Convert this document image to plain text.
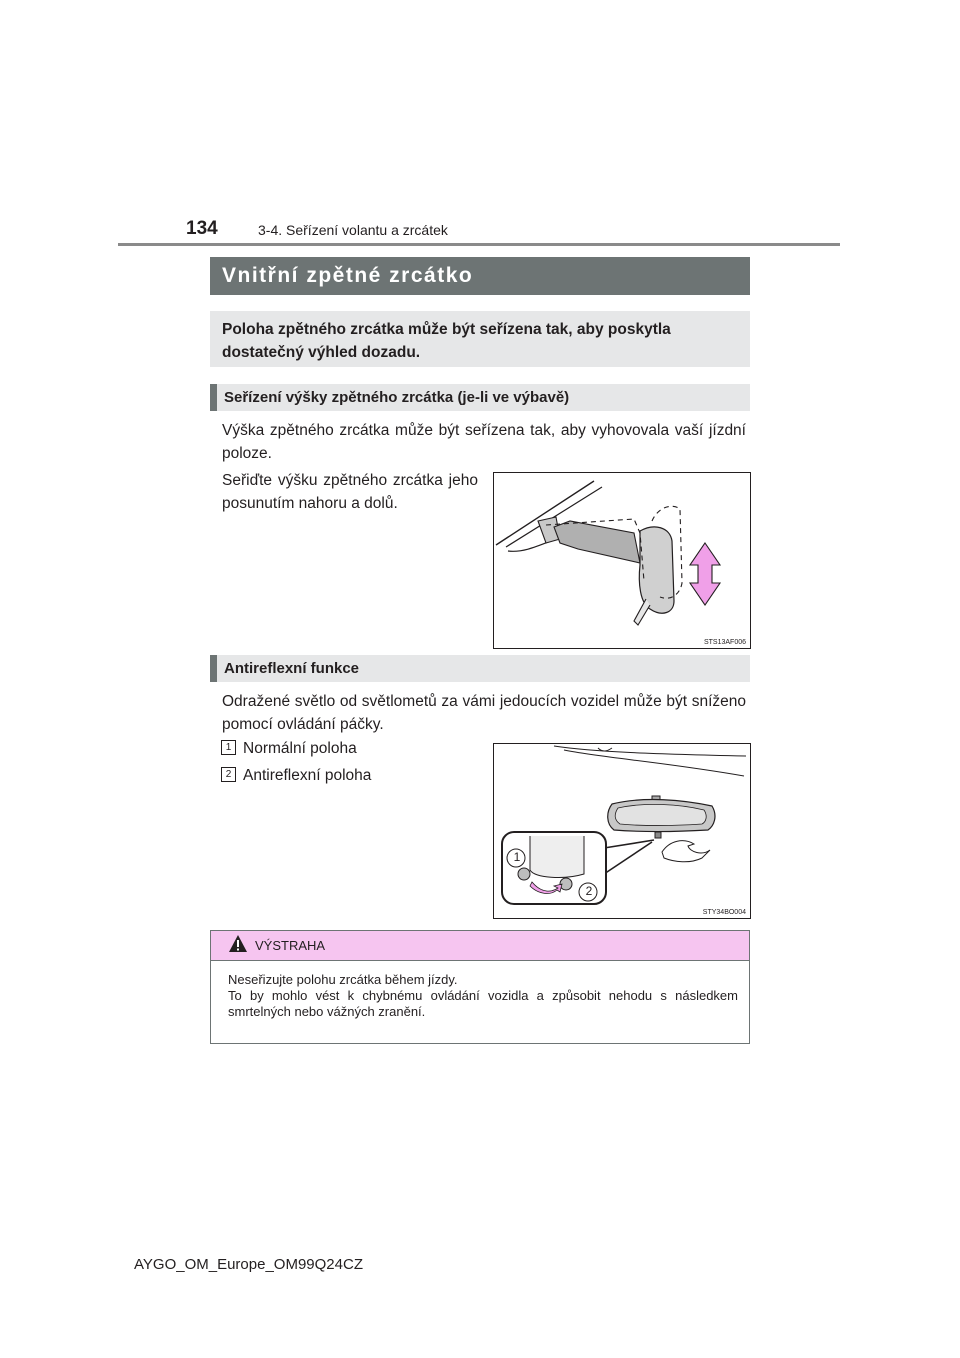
134	3-4. Seřízení volantu a zrcátek
Vnitřní zpětné zrcátko
Poloha zpětného zrcátka může být seřízena tak, aby poskytla dostatečný výhled dozadu.
Seřízení výšky zpětného zrcátka (je-li ve výbavě)
Výška zpětného zrcátka může být seřízena tak, aby vyhovovala vaší jízdní poloze.
Seřiďte výšku zpětného zrcátka jeho posunutím nahoru a dolů.
STS13AF006
Antireflexní funkce
Odražené světlo od světlometů za vámi jedoucích vozidel může být sníženo pomocí ovládání páčky.
1 Normální poloha
2 Antireflexní poloha
1
2
STY34BO004
VÝSTRAHA
Neseřizujte polohu zrcátka během jízdy.
To by mohlo vést k chybnému ovládání vozidla a způsobit nehodu s následkem smrtelných nebo vážných zranění.
AYGO_OM_Europe_OM99Q24CZ
